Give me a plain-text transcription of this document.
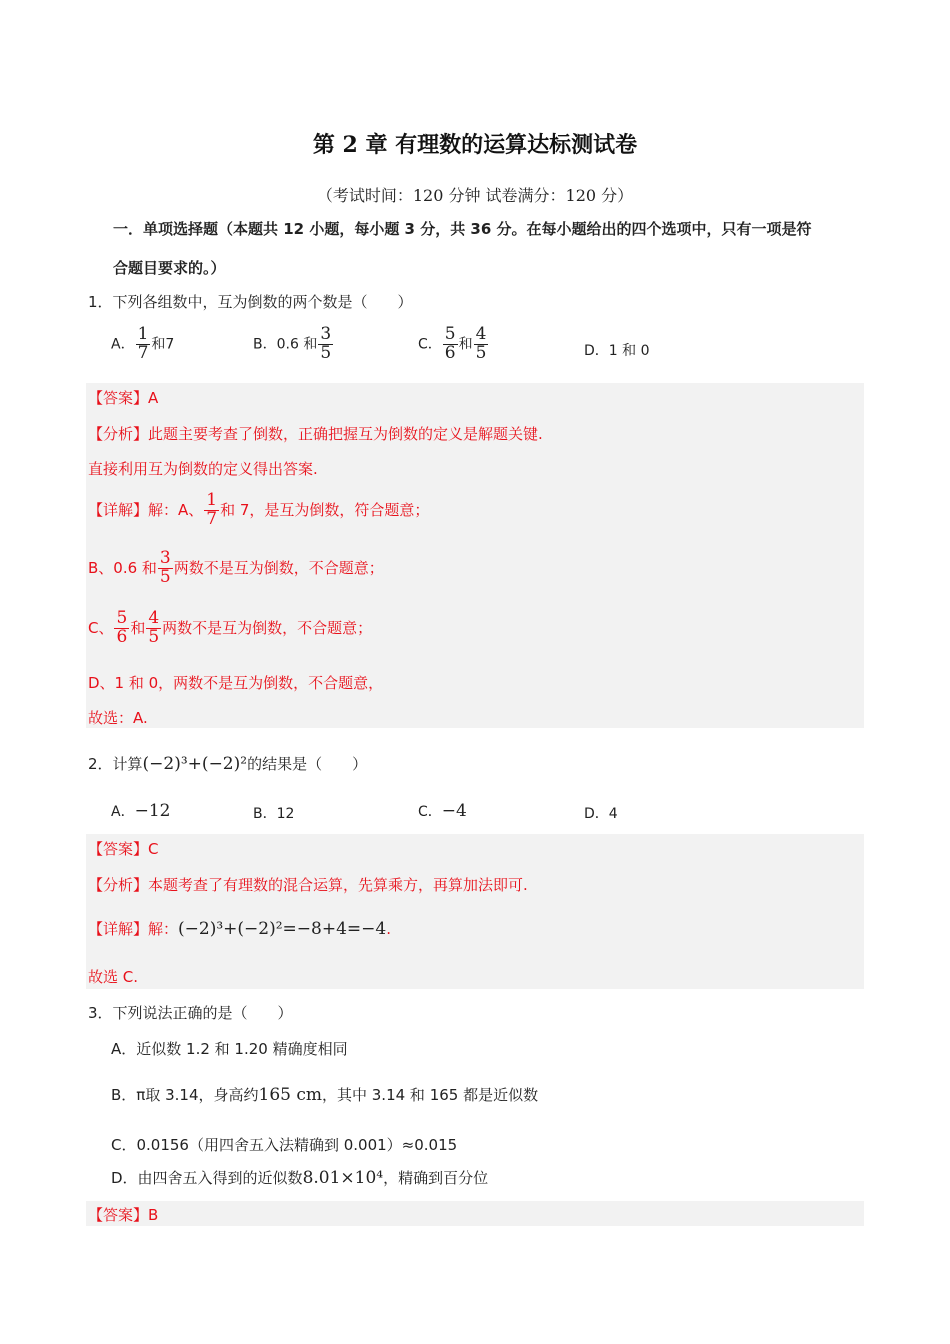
第 2 章 有理数的运算达标测试卷
（考试时间：120 分钟 试卷满分：120 分）
一．单项选择题（本题共 12 小题，每小题 3 分，共 36 分。在每小题给出的四个选项中，只有一项是符
合题目要求的。）
1．下列各组数中，互为倒数的两个数是（　　）
A． $\frac{1}{7}$ 和7	B．0.6 和 $\frac{3}{5}$	C． $\frac{5}{6}$ 和 $\frac{4}{5}$	D．1 和 0
【答案】A
【分析】此题主要考查了倒数，正确把握互为倒数的定义是解题关键.
直接利用互为倒数的定义得出答案.
【详解】解：A、 $\frac{1}{7}$ 和 7，是互为倒数，符合题意；
B、0.6 和 $\frac{3}{5}$ 两数不是互为倒数，不合题意；
C、 $\frac{5}{6}$ 和 $\frac{4}{5}$ 两数不是互为倒数，不合题意；
D、1 和 0，两数不是互为倒数，不合题意，
故选：A.
2．计算(−2)³+(−2)²的结果是（　　）
A．−12	B．12	C．−4	D．4
【答案】C
【分析】本题考查了有理数的混合运算，先算乘方，再算加法即可.
【详解】解：(−2)³+(−2)²=−8+4=−4.
故选 C.
3．下列说法正确的是（　　）
A．近似数 1.2 和 1.20 精确度相同
B．π取 3.14，身高约165 cm，其中 3.14 和 165 都是近似数
C．0.0156（用四舍五入法精确到 0.001）≈0.015
D．由四舍五入得到的近似数8.01×10⁴，精确到百分位
【答案】B
